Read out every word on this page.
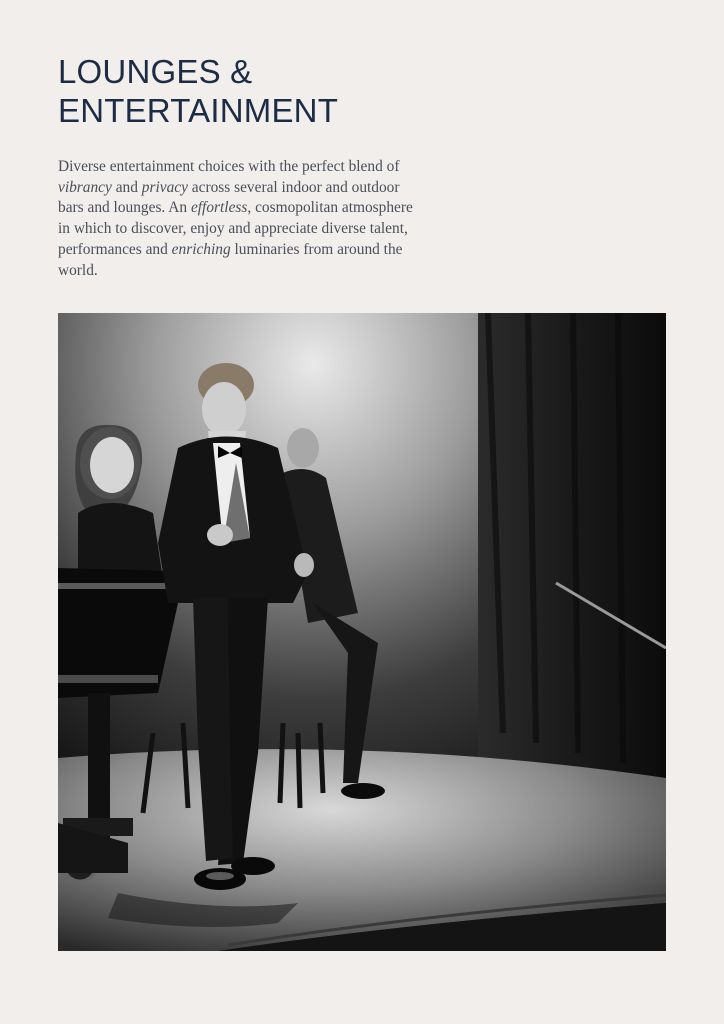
LOUNGES &
ENTERTAINMENT

Diverse entertainment choices with the perfect blend of vibrancy and privacy across several indoor and outdoor bars and lounges. An effortless, cosmopolitan atmosphere in which to discover, enjoy and appreciate diverse talent, performances and enriching luminaries from around the world.
